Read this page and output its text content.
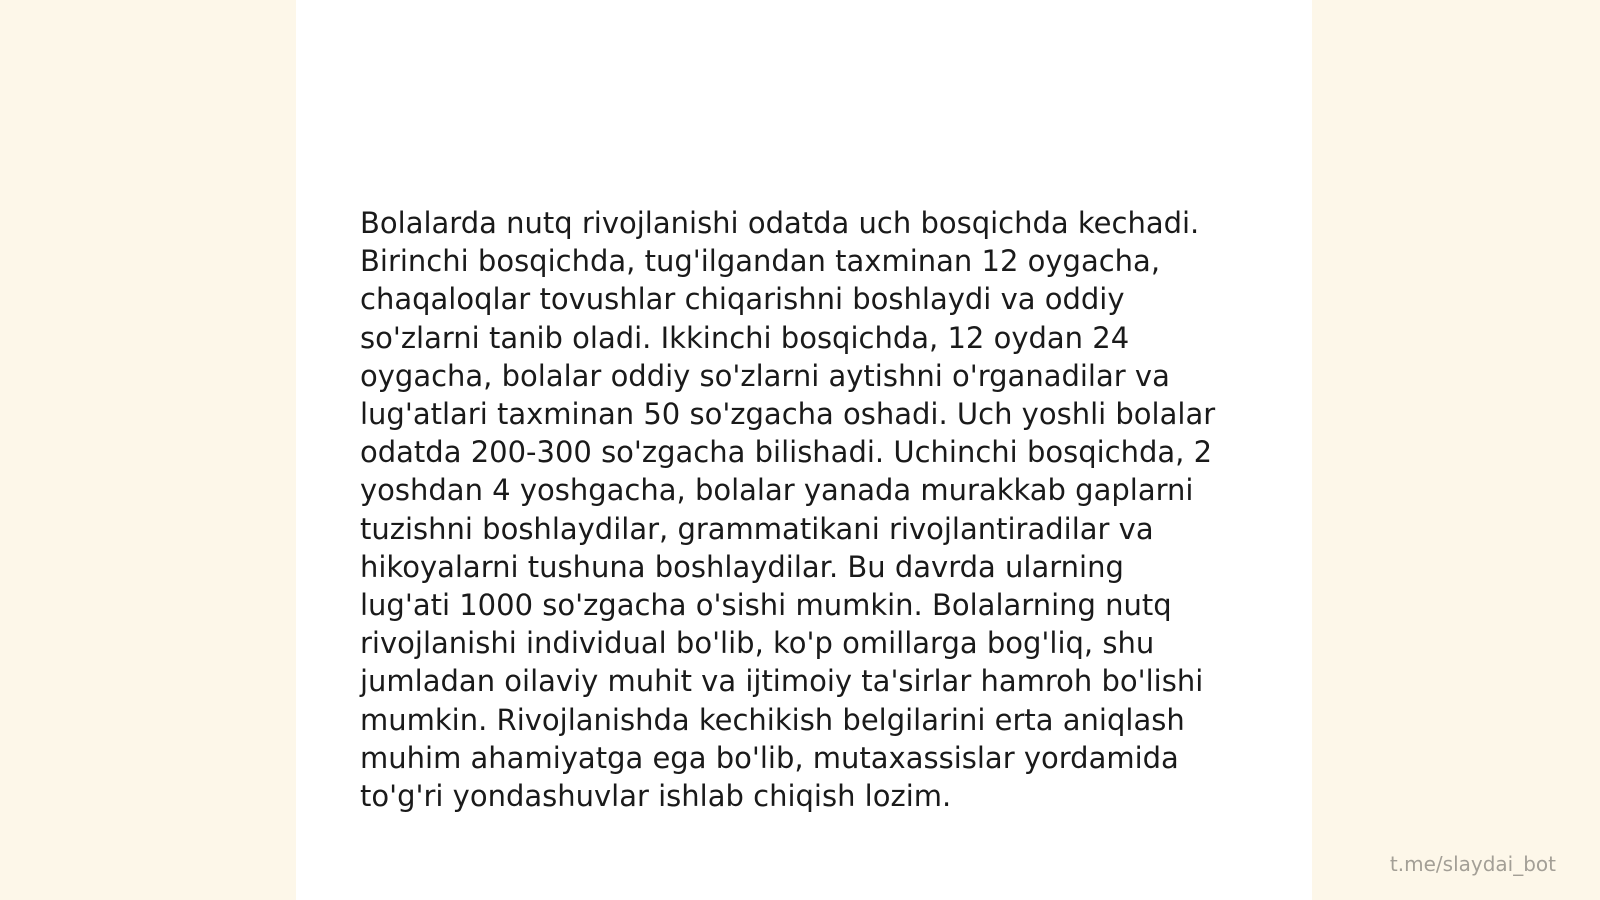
Bolalarda nutq rivojlanishi odatda uch bosqichda kechadi.
Birinchi bosqichda, tug'ilgandan taxminan 12 oygacha,
chaqaloqlar tovushlar chiqarishni boshlaydi va oddiy
so'zlarni tanib oladi. Ikkinchi bosqichda, 12 oydan 24
oygacha, bolalar oddiy so'zlarni aytishni o'rganadilar va
lug'atlari taxminan 50 so'zgacha oshadi. Uch yoshli bolalar
odatda 200-300 so'zgacha bilishadi. Uchinchi bosqichda, 2
yoshdan 4 yoshgacha, bolalar yanada murakkab gaplarni
tuzishni boshlaydilar, grammatikani rivojlantiradilar va
hikoyalarni tushuna boshlaydilar. Bu davrda ularning
lug'ati 1000 so'zgacha o'sishi mumkin. Bolalarning nutq
rivojlanishi individual bo'lib, ko'p omillarga bog'liq, shu
jumladan oilaviy muhit va ijtimoiy ta'sirlar hamroh bo'lishi
mumkin. Rivojlanishda kechikish belgilarini erta aniqlash
muhim ahamiyatga ega bo'lib, mutaxassislar yordamida
to'g'ri yondashuvlar ishlab chiqish lozim.

t.me/slaydai_bot
